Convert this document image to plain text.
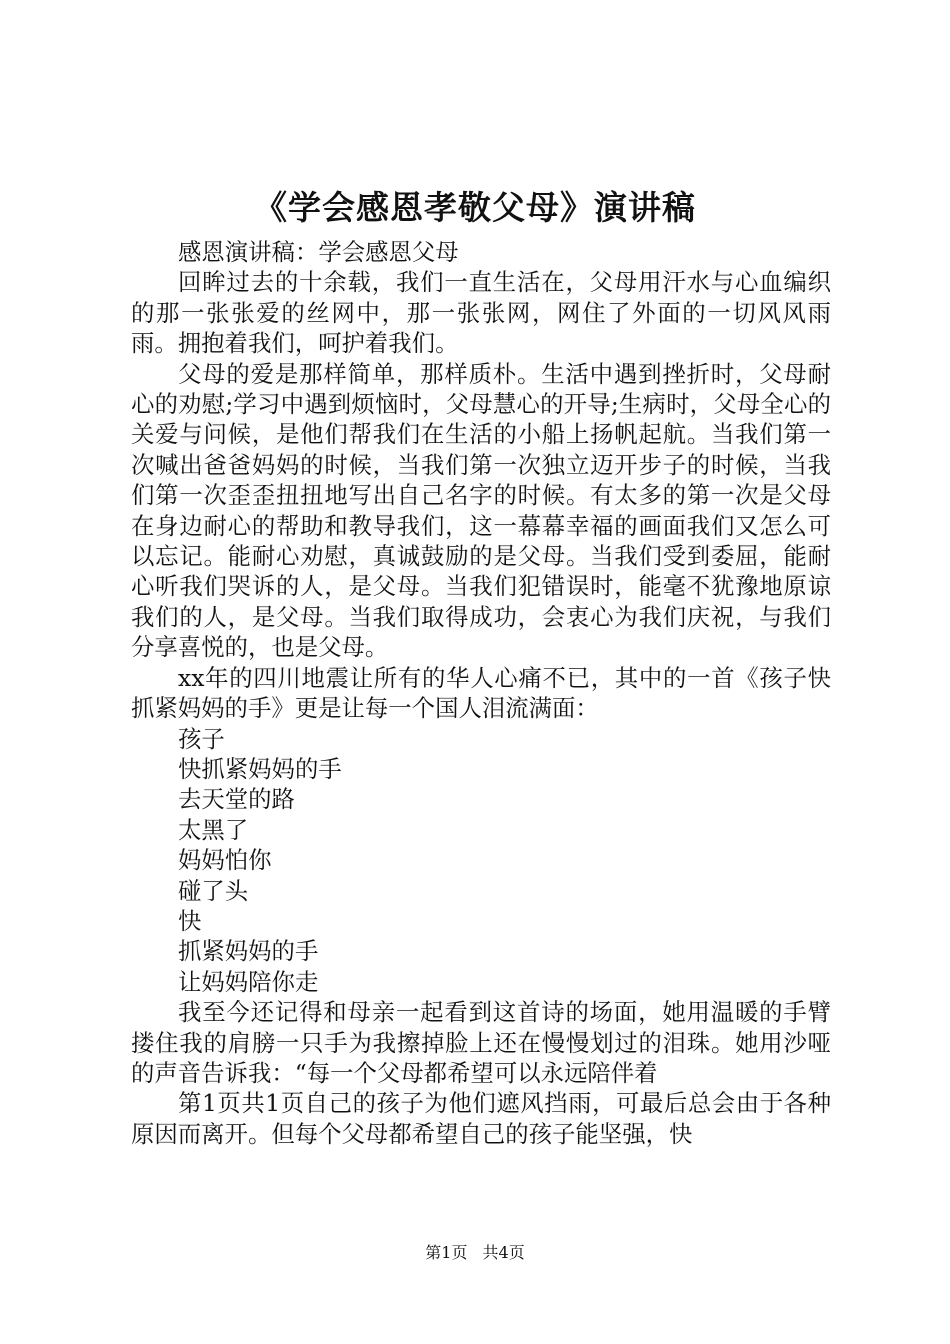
《学会感恩孝敬父母》演讲稿

感恩演讲稿：学会感恩父母

回眸过去的十余载，我们一直生活在，父母用汗水与心血编织的那一张张爱的丝网中，那一张张网，网住了外面的一切风风雨雨。拥抱着我们，呵护着我们。

父母的爱是那样简单，那样质朴。生活中遇到挫折时，父母耐心的劝慰;学习中遇到烦恼时，父母慧心的开导;生病时，父母全心的关爱与问候，是他们帮我们在生活的小船上扬帆起航。当我们第一次喊出爸爸妈妈的时候，当我们第一次独立迈开步子的时候，当我们第一次歪歪扭扭地写出自己名字的时候。有太多的第一次是父母在身边耐心的帮助和教导我们，这一幕幕幸福的画面我们又怎么可以忘记。能耐心劝慰，真诚鼓励的是父母。当我们受到委屈，能耐心听我们哭诉的人，是父母。当我们犯错误时，能毫不犹豫地原谅我们的人，是父母。当我们取得成功，会衷心为我们庆祝，与我们分享喜悦的，也是父母。

xx年的四川地震让所有的华人心痛不已，其中的一首《孩子快抓紧妈妈的手》更是让每一个国人泪流满面：

孩子

快抓紧妈妈的手

去天堂的路

太黑了

妈妈怕你

碰了头

快

抓紧妈妈的手

让妈妈陪你走

我至今还记得和母亲一起看到这首诗的场面，她用温暖的手臂搂住我的肩膀一只手为我擦掉脸上还在慢慢划过的泪珠。她用沙哑的声音告诉我：“每一个父母都希望可以永远陪伴着

第1页共1页自己的孩子为他们遮风挡雨，可最后总会由于各种原因而离开。但每个父母都希望自己的孩子能坚强，快

第1页 共4页
